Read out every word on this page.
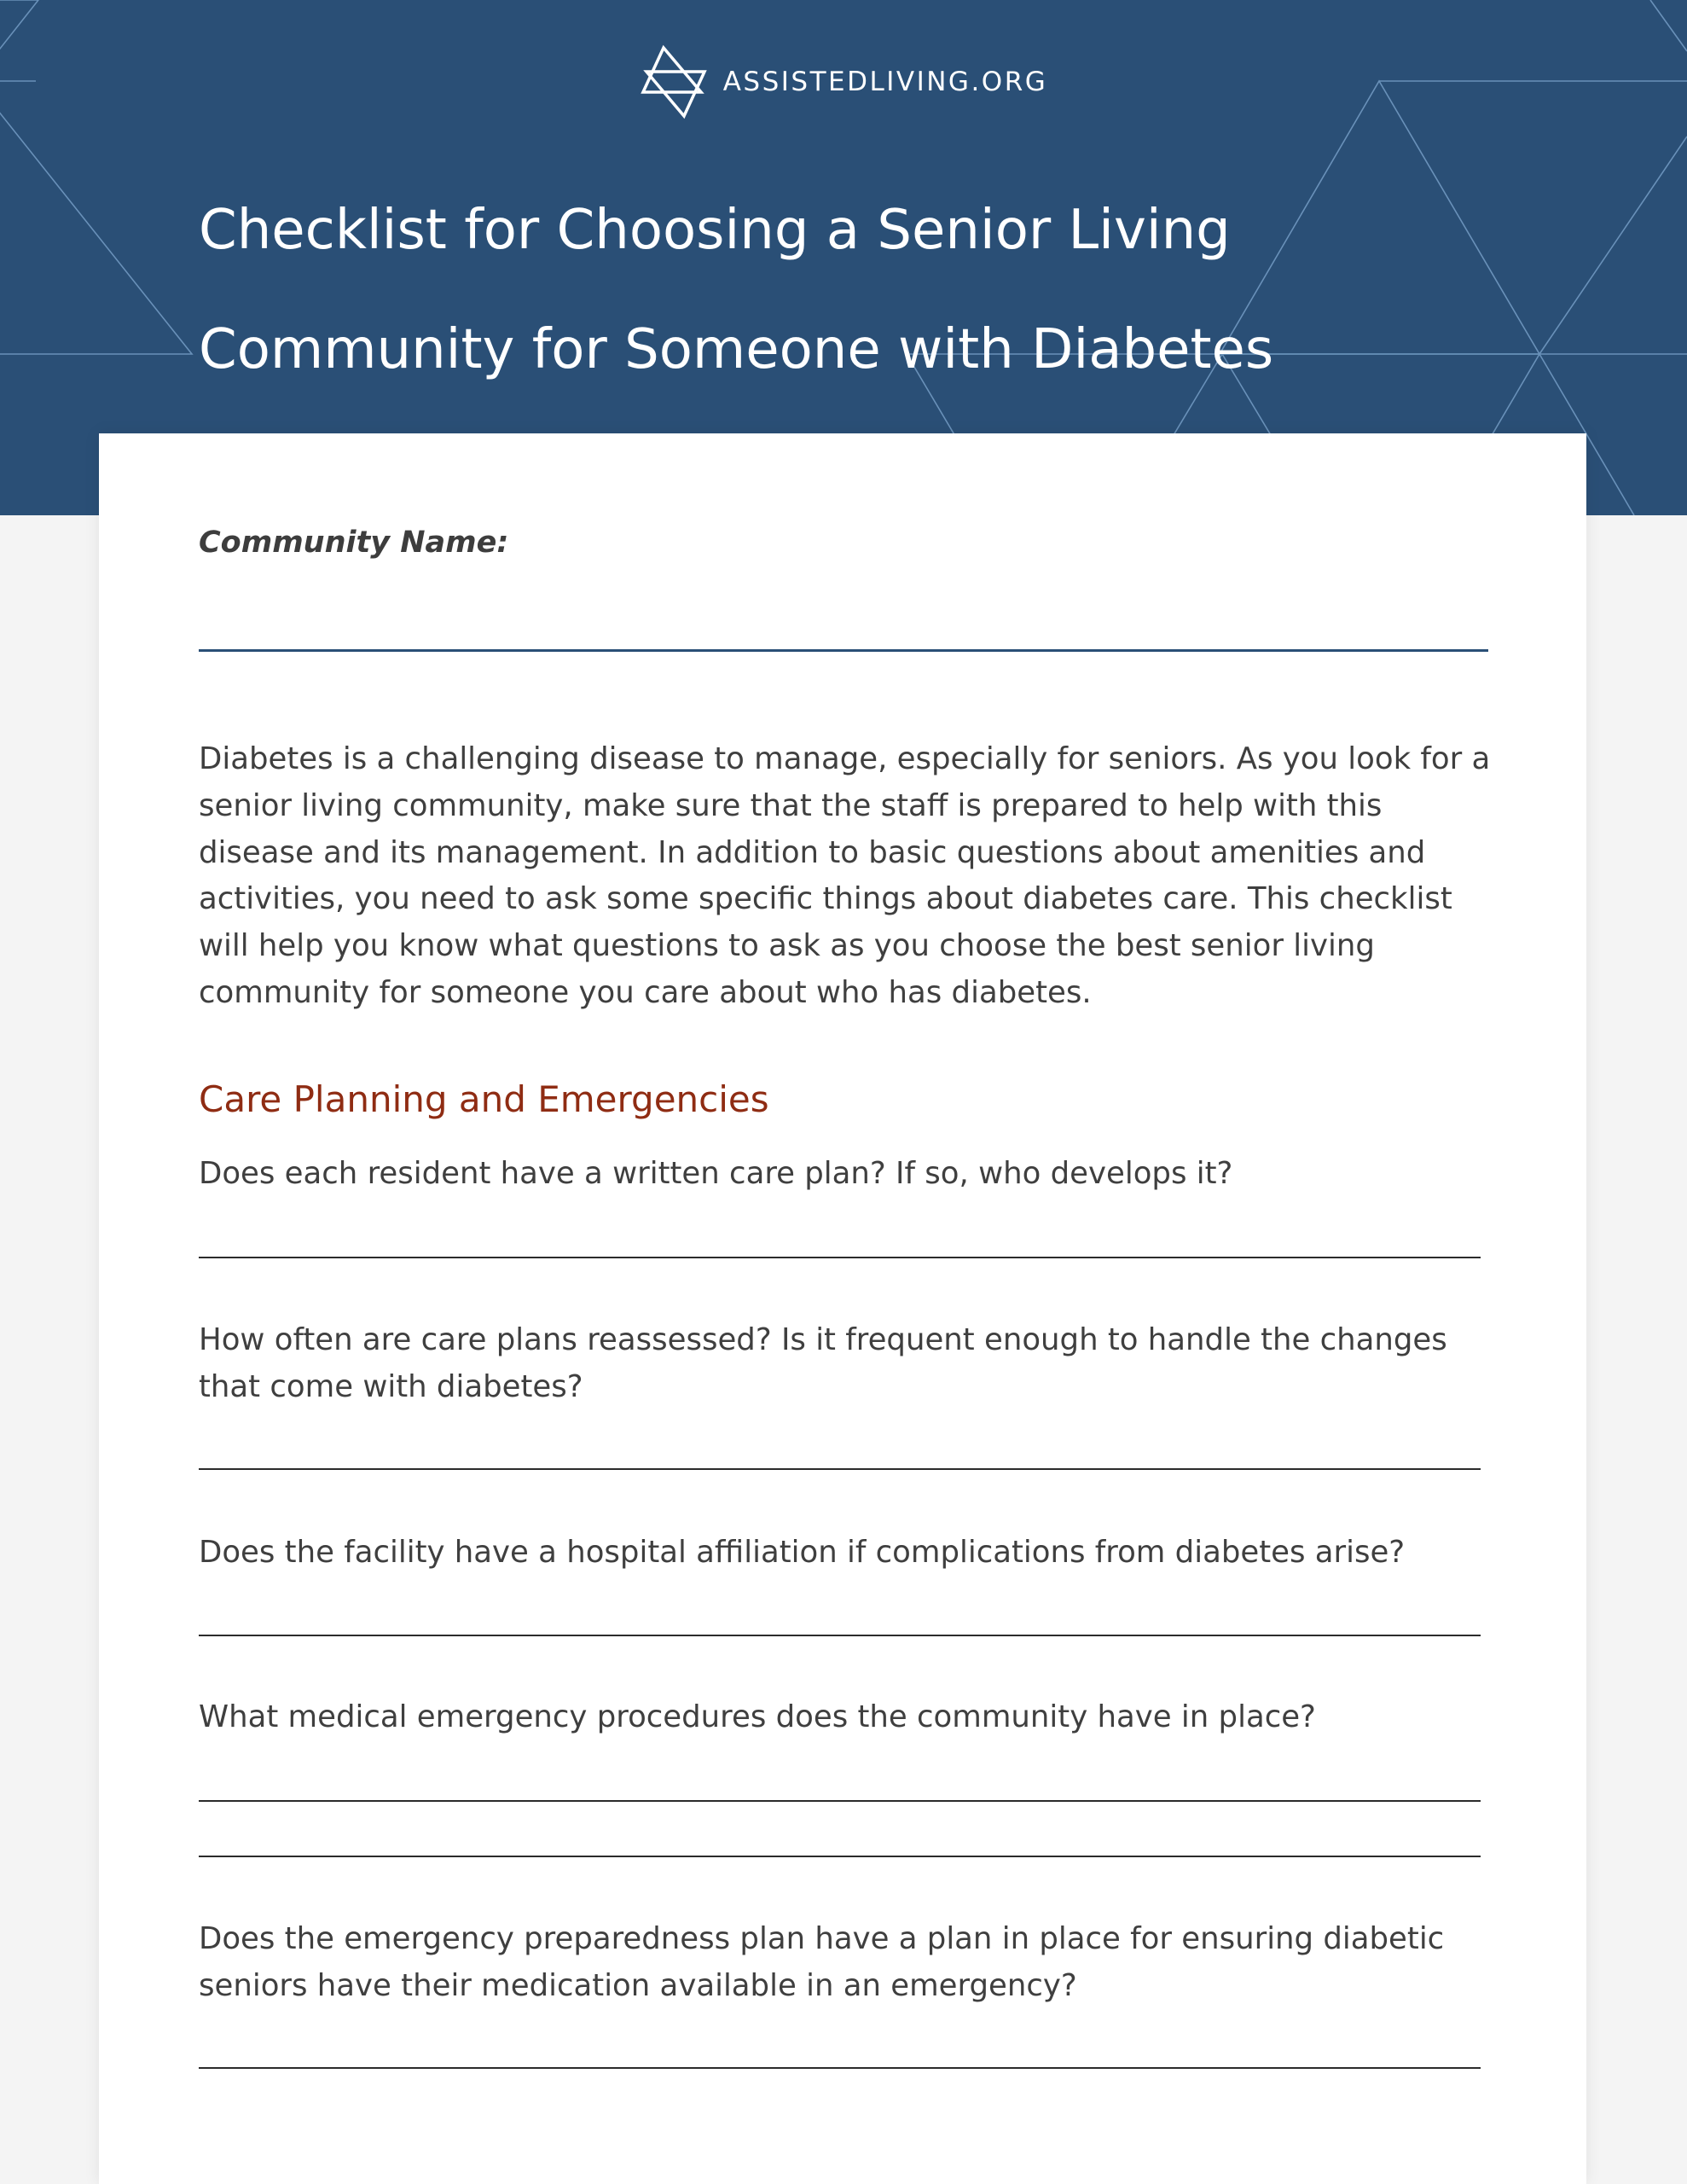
ASSISTEDLIVING.ORG
Checklist for Choosing a Senior Living
Community for Someone with Diabetes
Community Name:

Diabetes is a challenging disease to manage, especially for seniors. As you look for a senior living community, make sure that the staff is prepared to help with this disease and its management. In addition to basic questions about amenities and activities, you need to ask some specific things about diabetes care. This checklist will help you know what questions to ask as you choose the best senior living community for someone you care about who has diabetes.

Care Planning and Emergencies

Does each resident have a written care plan? If so, who develops it?

How often are care plans reassessed? Is it frequent enough to handle the changes that come with diabetes?

Does the facility have a hospital affiliation if complications from diabetes arise?

What medical emergency procedures does the community have in place?

Does the emergency preparedness plan have a plan in place for ensuring diabetic seniors have their medication available in an emergency?
